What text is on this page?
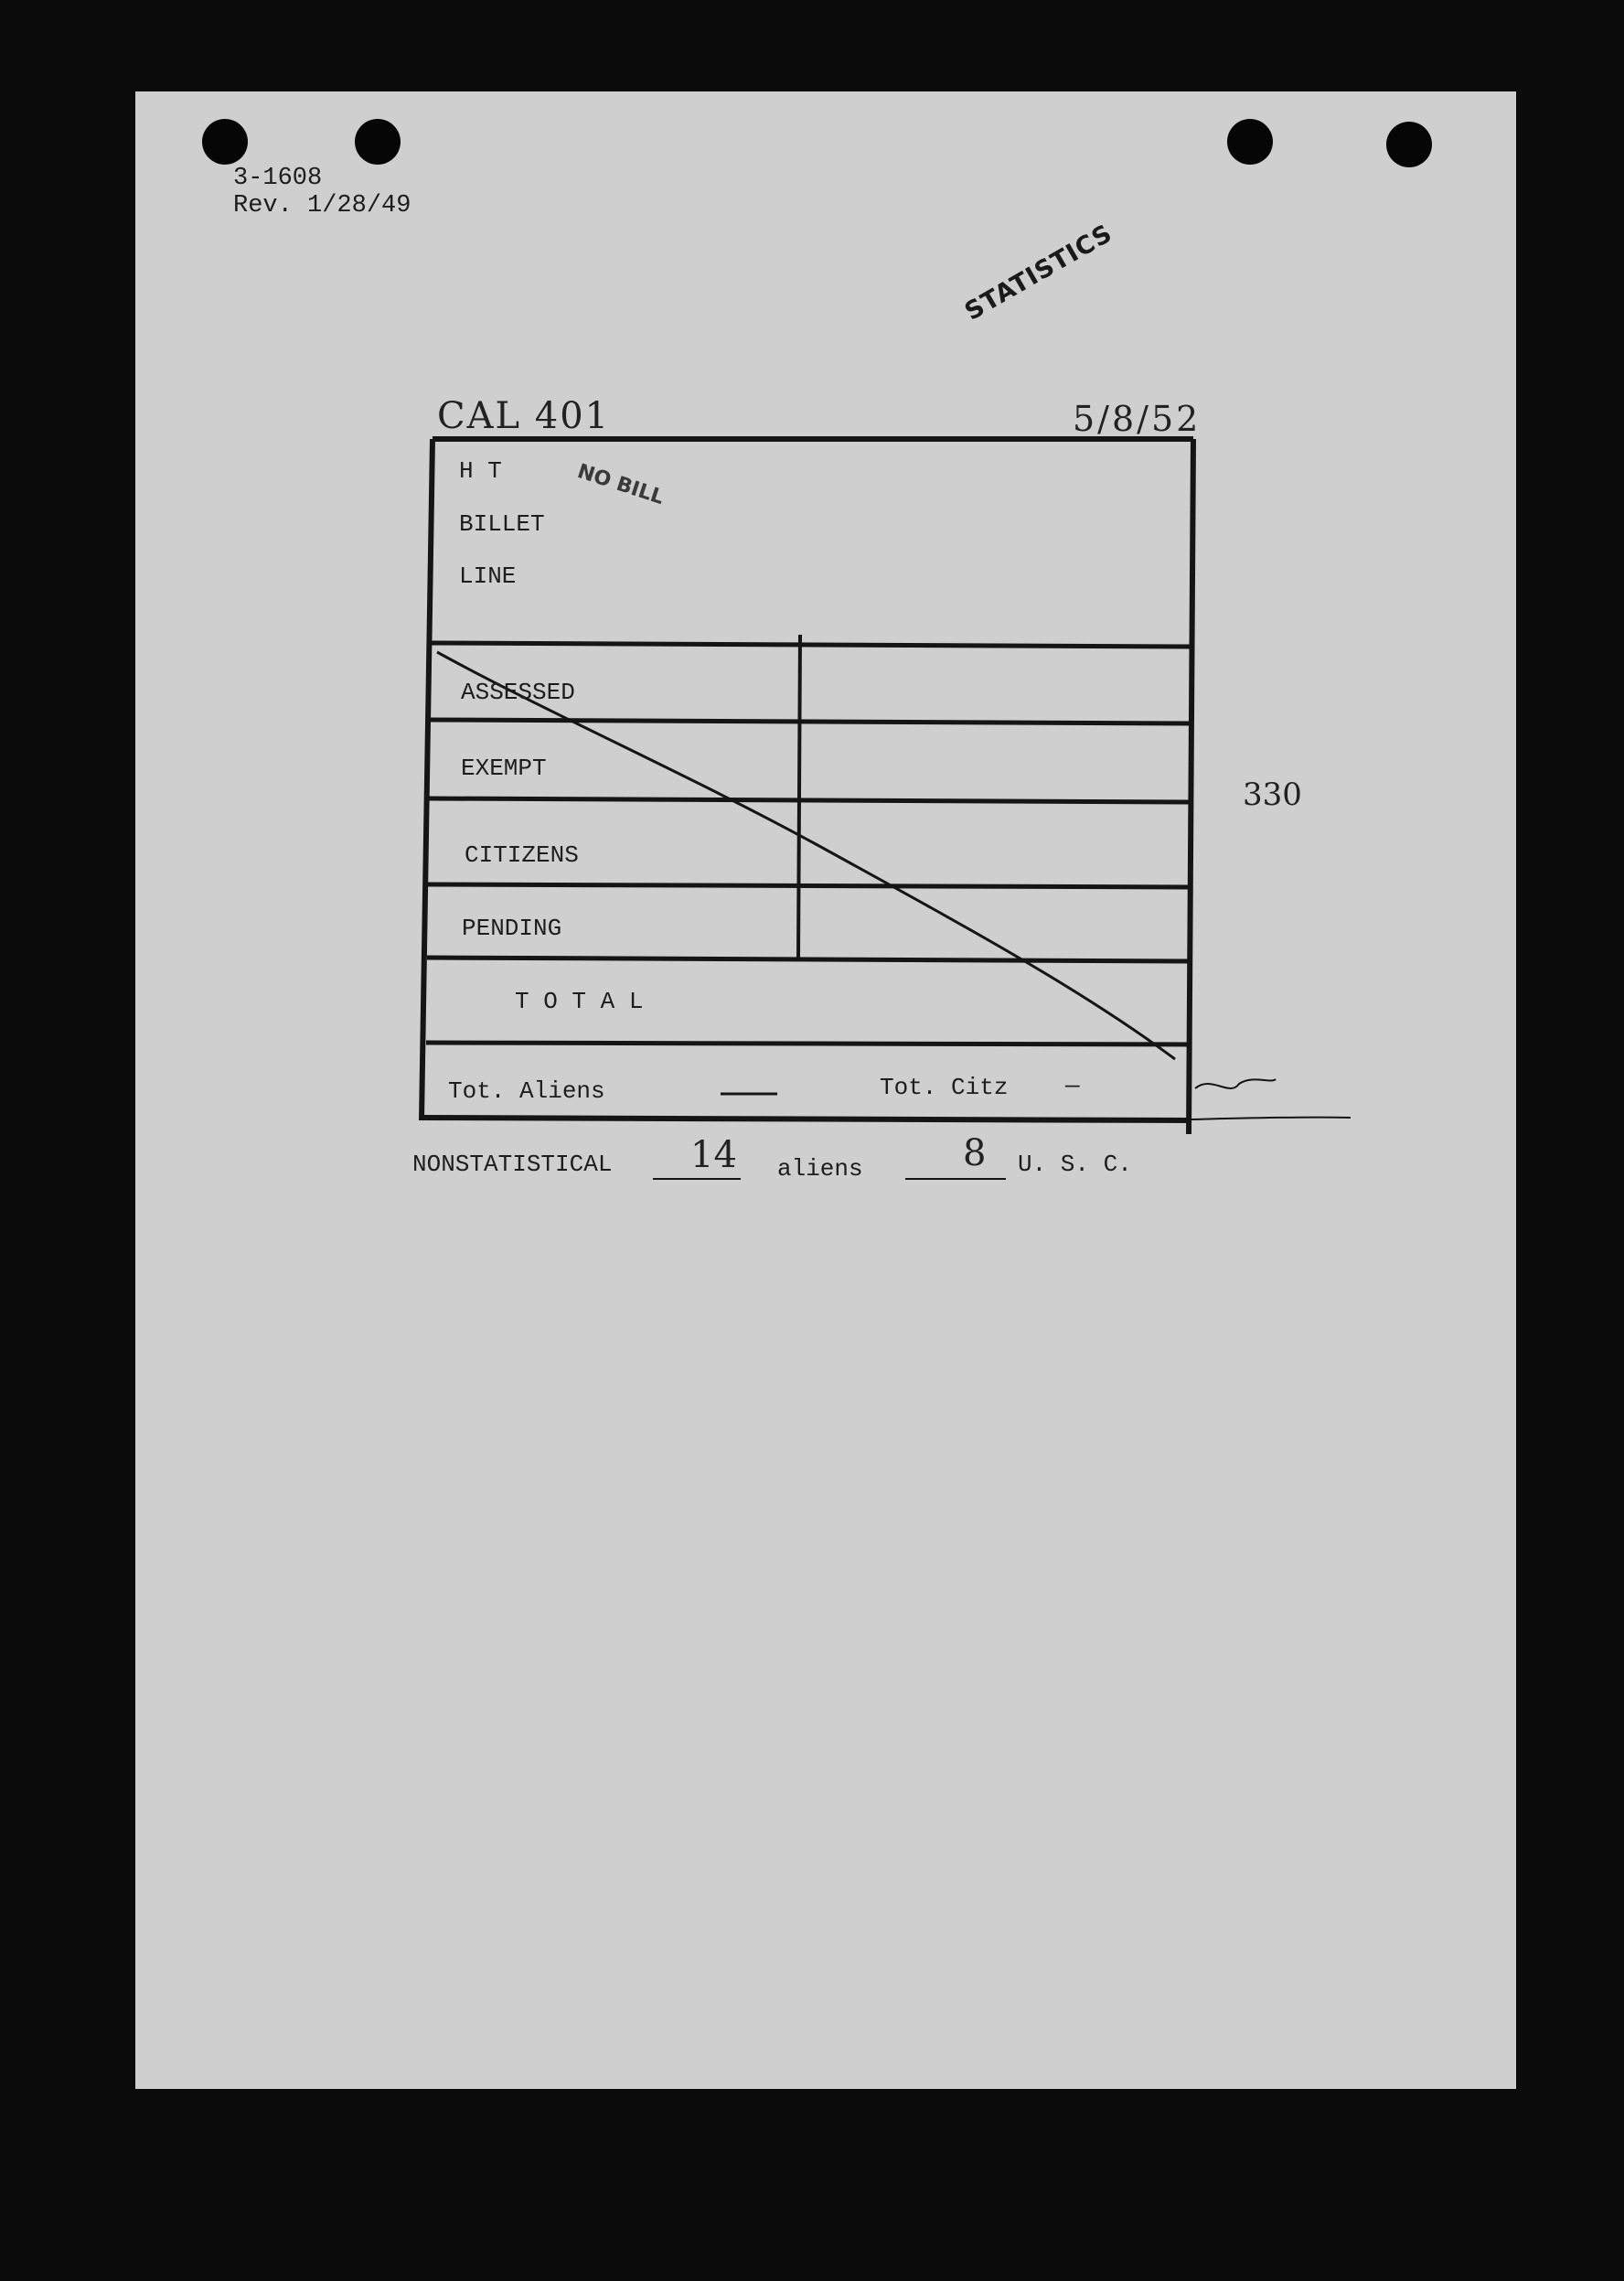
3-1608
Rev. 1/28/49
STATISTICS
NO BILL
CAL 401	5/8/52
330
H T
BILLET
LINE
ASSESSED
EXEMPT
CITIZENS
PENDING
T O T A L
Tot. Aliens	Tot. Citz —
NONSTATISTICAL 14 aliens	8 U. S. C.
